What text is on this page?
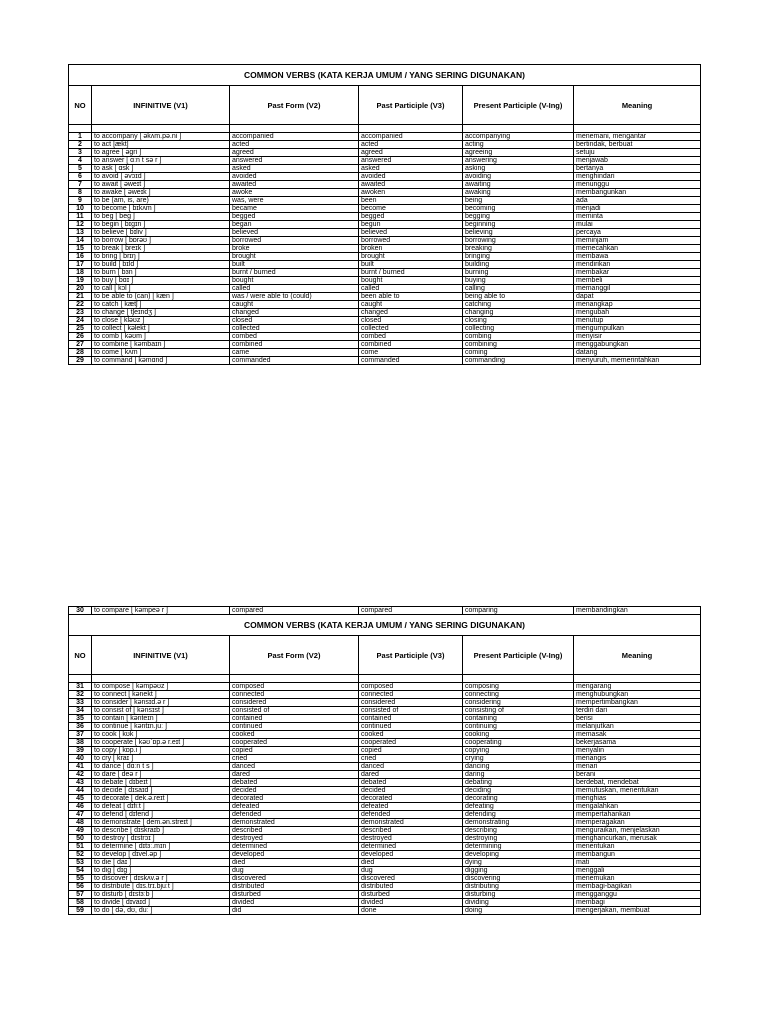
COMMON VERBS (KATA KERJA UMUM / YANG SERING DIGUNAKAN)					
NO	INFINITIVE (V1)	Past Form (V2)	Past Participle (V3)	Present Participle (V-Ing)	Meaning

1	to accompany [ əkʌm.pə.ni ]	accompanied	accompanied	accompanying	menemani, mengantar
2	to act [ækt]	acted	acted	acting	bertindak, berbuat
3	to agree [ əgri ]	agreed	agreed	agreeing	setuju
4	to answer [ ɑːn t sə r ]	answered	answered	answering	menjawab
5	to ask [ ɑsk ]	asked	asked	asking	bertanya
6	to avoid [ əvɔɪd ]	avoided	avoided	avoiding	menghindari
7	to await [ əweɪt ]	awaited	awaited	awaiting	menunggu
8	to awake [ əweɪk ]	awoke	awoken	awaking	membangunkan
9	to be (am, is, are)	was, were	been	being	ada
10	to become [ bɪkʌm ]	became	become	becoming	menjadi
11	to beg [ beg ]	begged	begged	begging	meminta
12	to begin [ bɪgɪn ]	began	begun	beginning	mulai
13	to believe [ bɪliv ]	believed	believed	believing	percaya
14	to borrow [ bɒrəʊ ]	borrowed	borrowed	borrowing	meminjam
15	to break [ breɪk ]	broke	broken	breaking	memecahkan
16	to bring [ brɪŋ ]	brought	brought	bringing	membawa
17	to build [ bɪld ]	built	built	building	mendirikan
18	to burn [ bɜn ]	burnt / burned	burnt / burned	burning	membakar
19	to buy [ bɑɪ ]	bought	bought	buying	membeli
20	to call [ kɔl ]	called	called	calling	memanggil
21	to be able to (can) [ kæn ]	was / were able to (could)	been able to	being able to	dapat
22	to catch [ kætʃ ]	caught	caught	catching	menangkap
23	to change [ tʃeɪndʒ ]	changed	changed	changing	mengubah
24	to close [ kləʊz ]	closed	closed	closing	menutup
25	to collect [ kəlekt ]	collected	collected	collecting	mengumpulkan
26	to comb [ kəʊm ]	combed	combed	combing	menyisir
27	to combine [ kəmbaɪn ]	combined	combined	combining	menggabungkan
28	to come [ kʌm ]	came	come	coming	datang
29	to command [ kəmɑnd ]	commanded	commanded	commanding	menyuruh, memerintahkan
30	to compare [ kəmpeə r ]	compared	compared	comparing	membandingkan
COMMON VERBS (KATA KERJA UMUM / YANG SERING DIGUNAKAN)					
NO	INFINITIVE (V1)	Past Form (V2)	Past Participle (V3)	Present Participle (V-Ing)	Meaning

31	to compose [ kəmpəʊz ]	composed	composed	composing	mengarang
32	to connect [ kənekt ]	connected	connected	connecting	menghubungkan
33	to consider [ kənsɪd.ə r ]	considered	considered	considering	mempertimbangkan
34	to consist of [ kənsɪst ]	consisted of	consisted of	consisting of	terdiri dari
35	to contain [ kənteɪn ]	contained	contained	containing	berisi
36	to continue [ kəntɪn.juː ]	continued	continued	continuing	melanjutkan
37	to cook [ kʊk ]	cooked	cooked	cooking	memasak
38	to cooperate [ kəʊˈɒp.ə r.eɪt ]	cooperated	cooperated	cooperating	bekerjasama
39	to copy [ kɒp.i ]	copied	copied	copying	menyalin
40	to cry [ kraɪ ]	cried	cried	crying	menangis
41	to dance [ dɑːn t s ]	danced	danced	dancing	menari
42	to dare [ deə r ]	dared	dared	daring	berani
43	to debate [ dɪbeɪt ]	debated	debated	debating	berdebat, mendebat
44	to decide [ dɪsaɪd ]	decided	decided	deciding	memutuskan, menentukan
45	to decorate [ dek.ə.reɪt ]	decorated	decorated	decorating	menghias
46	to defeat [ dɪfiːt ]	defeated	defeated	defeating	mengalahkan
47	to defend [ dɪfend ]	defended	defended	defending	mempertahankan
48	to demonstrate [ dem.ən.streɪt ]	demonstrated	demonstrated	demonstrating	memperagakan
49	to describe [ dɪskraɪb ]	described	described	describing	menguraikan, menjelaskan
50	to destroy [ dɪstrɔɪ ]	destroyed	destroyed	destroying	menghancurkan, merusak
51	to determine [ dɪtɜː.mɪn ]	determined	determined	determining	menentukan
52	to develop [ dɪvel.əp ]	developed	developed	developing	membangun
53	to die [ daɪ ]	died	died	dying	mati
54	to dig [ dɪg ]	dug	dug	digging	menggali
55	to discover [ dɪskʌv.ə r ]	discovered	discovered	discovering	menemukan
56	to distribute [ dɪs.trɪ.bjuːt ]	distributed	distributed	distributing	membagi-bagikan
57	to disturb [ dɪstɜːb ]	disturbed	disturbed	disturbing	mengganggu
58	to divide [ dɪvaɪd ]	divided	divided	dividing	membagi
59	to do [ də, dʊ, duː ]	did	done	doing	mengerjakan, membuat
